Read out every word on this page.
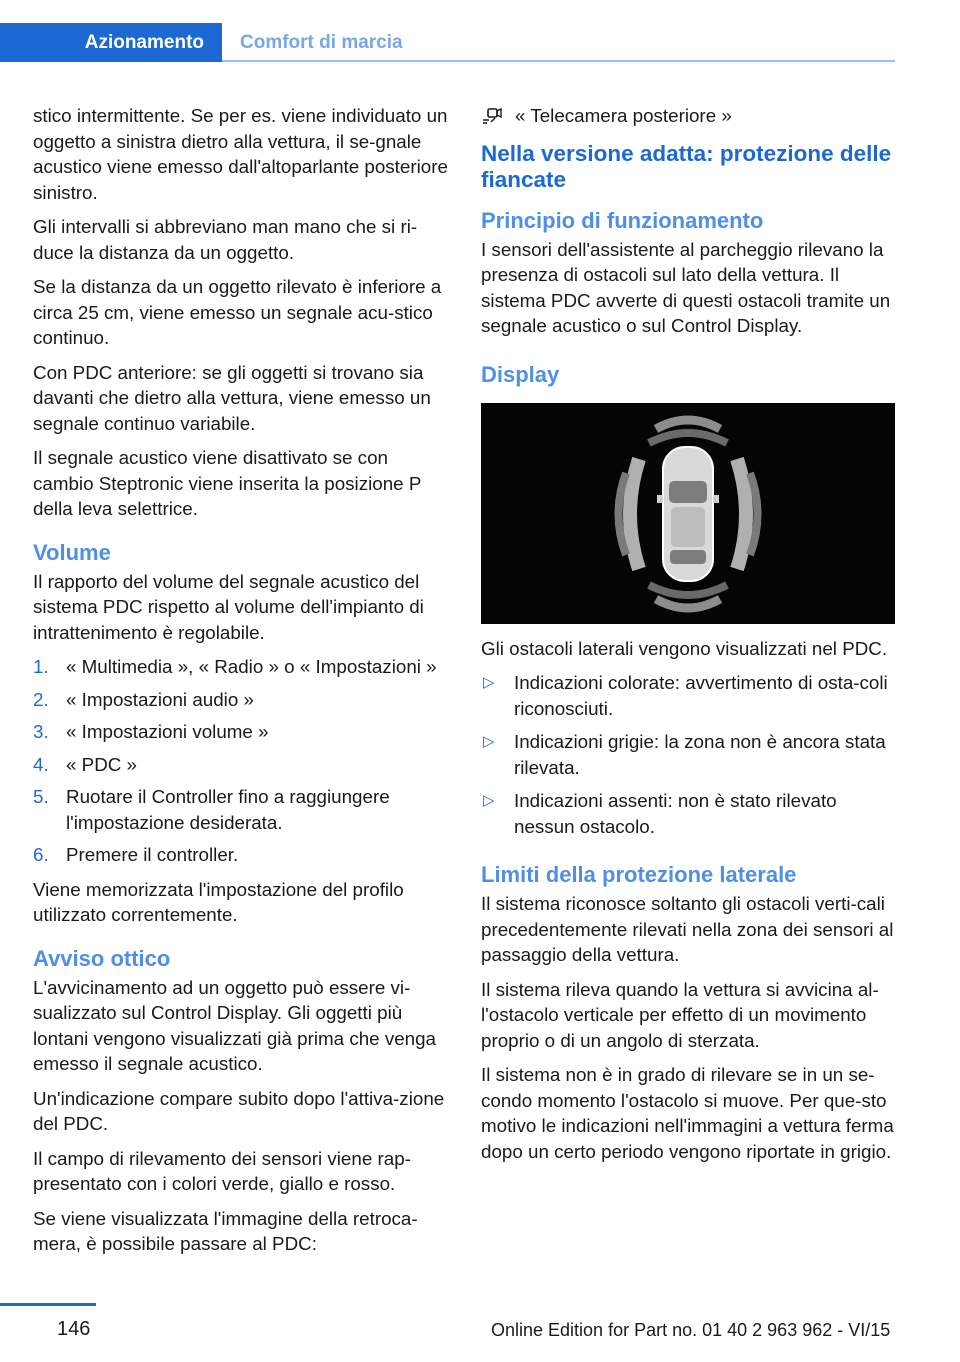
Azionamento	Comfort di marcia

stico intermittente. Se per es. viene individuato un oggetto a sinistra dietro alla vettura, il se‐gnale acustico viene emesso dall'altoparlante posteriore sinistro.

Gli intervalli si abbreviano man mano che si ri‐duce la distanza da un oggetto.

Se la distanza da un oggetto rilevato è inferiore a circa 25 cm, viene emesso un segnale acu‐stico continuo.

Con PDC anteriore: se gli oggetti si trovano sia davanti che dietro alla vettura, viene emesso un segnale continuo variabile.

Il segnale acustico viene disattivato se con cambio Steptronic viene inserita la posizione P della leva selettrice.

Volume

Il rapporto del volume del segnale acustico del sistema PDC rispetto al volume dell'impianto di intrattenimento è regolabile.

1. « Multimedia », « Radio » o « Impostazioni »
2. « Impostazioni audio »
3. « Impostazioni volume »
4. « PDC »
5. Ruotare il Controller fino a raggiungere l'impostazione desiderata.
6. Premere il controller.

Viene memorizzata l'impostazione del profilo utilizzato correntemente.

Avviso ottico

L'avvicinamento ad un oggetto può essere vi‐sualizzato sul Control Display. Gli oggetti più lontani vengono visualizzati già prima che venga emesso il segnale acustico.

Un'indicazione compare subito dopo l'attiva‐zione del PDC.

Il campo di rilevamento dei sensori viene rap‐presentato con i colori verde, giallo e rosso.

Se viene visualizzata l'immagine della retroca‐mera, è possibile passare al PDC:

« Telecamera posteriore »
Nella versione adatta: protezione delle fiancate
Principio di funzionamento

I sensori dell'assistente al parcheggio rilevano la presenza di ostacoli sul lato della vettura. Il sistema PDC avverte di questi ostacoli tramite un segnale acustico o sul Control Display.

Display

Gli ostacoli laterali vengono visualizzati nel PDC.

▷ Indicazioni colorate: avvertimento di osta‐coli riconosciuti.
▷ Indicazioni grigie: la zona non è ancora stata rilevata.
▷ Indicazioni assenti: non è stato rilevato nessun ostacolo.
Limiti della protezione laterale

Il sistema riconosce soltanto gli ostacoli verti‐cali precedentemente rilevati nella zona dei sensori al passaggio della vettura.

Il sistema rileva quando la vettura si avvicina al‐l'ostacolo verticale per effetto di un movimento proprio o di un angolo di sterzata.

Il sistema non è in grado di rilevare se in un se‐condo momento l'ostacolo si muove. Per que‐sto motivo le indicazioni nell'immagini a vettura ferma dopo un certo periodo vengono riportate in grigio.

146	Online Edition for Part no. 01 40 2 963 962 - VI/15
